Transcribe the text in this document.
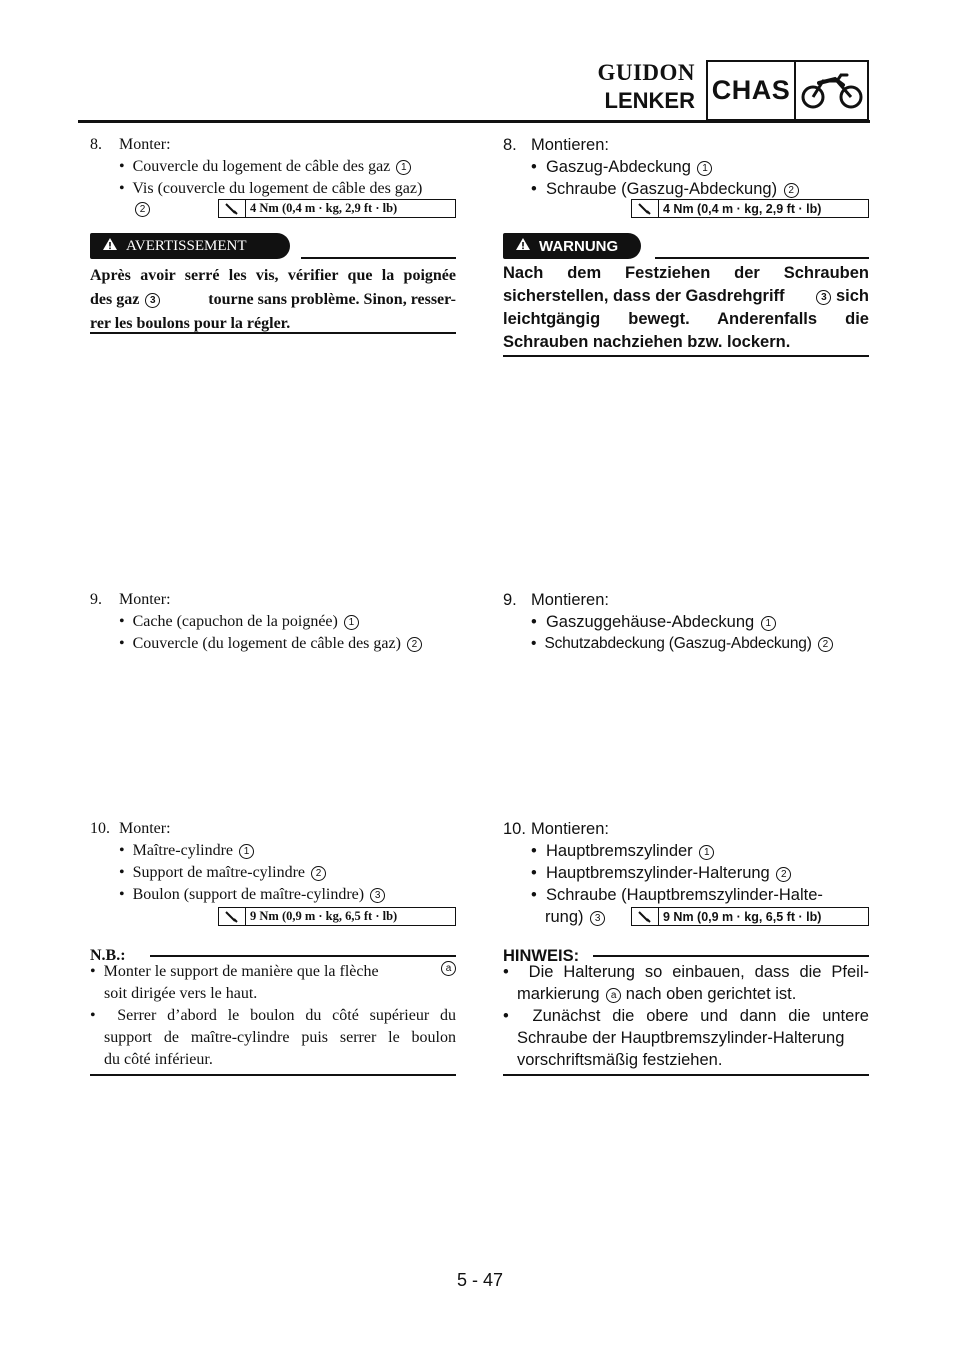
GUIDON
LENKER CHAS
8. Monter:
•  Couvercle du logement de câble des gaz 1
•  Vis (couvercle du logement de câble des gaz)
2	4 Nm (0,4 m · kg, 2,9 ft · lb)
AVERTISSEMENT
Après avoir serré les vis, vérifier que la poignée
des gaz 3	tourne sans problème. Sinon, resser-
rer les boulons pour la régler.
9. Monter:
•  Cache (capuchon de la poignée) 1
•  Couvercle (du logement de câble des gaz) 2
10. Monter:
•  Maître-cylindre 1
•  Support de maître-cylindre 2
•  Boulon (support de maître-cylindre) 3
9 Nm (0,9 m · kg, 6,5 ft · lb)
N.B.:
•  Monter le support de manière que la flèche	a
soit dirigée vers le haut.
•  Serrer d’abord le boulon du côté supérieur du
support de maître-cylindre puis serrer le boulon
du côté inférieur.
8. Montieren:
•  Gaszug-Abdeckung 1
•  Schraube (Gaszug-Abdeckung) 2
4 Nm (0,4 m · kg, 2,9 ft · lb)
WARNUNG
Nach dem Festziehen der Schrauben
sicherstellen, dass der Gasdrehgriff	3 sich
leichtgängig bewegt. Anderenfalls die
Schrauben nachziehen bzw. lockern.
9. Montieren:
•  Gaszuggehäuse-Abdeckung 1
•  Schutzabdeckung (Gaszug-Abdeckung) 2
10. Montieren:
•  Hauptbremszylinder 1
•  Hauptbremszylinder-Halterung 2
•  Schraube (Hauptbremszylinder-Halte-
rung) 3	9 Nm (0,9 m · kg, 6,5 ft · lb)
HINWEIS:
•  Die Halterung so einbauen, dass die Pfeil-
markierung a nach oben gerichtet ist.
•  Zunächst die obere und dann die untere
Schraube der Hauptbremszylinder-Halterung
vorschriftsmäßig festziehen.
5 - 47
